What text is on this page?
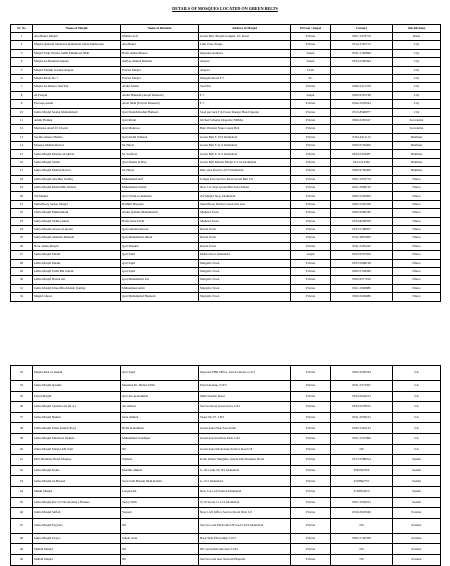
DETAILS OF MOSQUES LOCATED ON GREEN BELTS
Sr. No	Name of Masjid	Name of Khateeb	Address of Masjid	Private / Auqaf	Contact	Sub-Division
1	Abu Bakar Masjid	Mohsin Arif	Green Belt, Masjid Gangial, I/C Kotal	Private	0301-5453776	Rural
2	Masjid Qadeem Madrassa Rehmania Jamia Mamoonia	Abu Bakar	Link Virsa Jungle	Private	0312-3181772	City
3	Masjid Faqir Darbar Sakhi Mahmood Shah	Hafiz Abdul Mueed	Opposite Aabpara	Auqaf	0331-5162840	City
4	Masjid Al-Shouhda Abpara	Ashfaq Ahmed Rehmat	Abpara	Auqaf	0334-5284394	City
5	Masjid Yasmin Garden Abpara	Private Masjid	Abpara	CDA		City
6	Masjid Rawk No 7	Private Masjid	Margalla Road F-7	FC		City
7	Masjid Al-Khaeer Saaf Pur	Abdul Salam	Saaf Pur	Private	0300-5311578	City
8	Al-Furqan	Abdul Hakeem (Auqaf Khateeb)	F-7	Auqaf	0300-9191748	City
9	Farooqe-Azam	Afzal Shah (Private Khateeb)	F-7	Private	0342-5518524	City
10	Jamia Masjid Sadaat Muhammadi	Qari Sheikh Rashid Hameed	Saad pur turn F-6/2 near Ranger Head Quarter	Private	0315-8566877	City
11	Ammr Hamza	Qari Imran	Orchad Scheme Opposite NDMA	Private	0300-5265527	Secretariat
12	Madrassa Assaf Ul Uloom	Qari Manzoor	Bent Western Naka Green Belt	Private		Secretariat
13	Syedna Ameer Hamza	Qari Abdul Waheed	Green Belt F-10/3 Islamabad	Private	0334-4411113	Shalimar
14	Mosque Mohria Rawva	M. Hayat	Green Belt F-11/4 Islamabad	Private	0300-9736406	Shalimar
15	Jamia Masjid Khatija tul Qubra	M. Sarfaraz	Green Belt F-11/3 Islamabad	Private	0334-5436487	Shalimar
16	Jamia Masjid Salma	Qari Shams ul Haq	Green Belt Mutual Marga E-11/4 Islamabad	Private	034-4113302	Shalimar
17	Jamia Masjid Mohria Rawva	M. Hayat	Ibne sena Road G-10/3 Islamabad	Private	0300-9736406	Shalimar
18	Jamia Masjid Abu-Bkr Saddiq	Muhammad Arif	Gangal East Service Road Green Belt I-8	Private	0301-5453776	Nilore
19	Jamia Masjid Khalid Bin Waleed	Muhammad Zubair	Near 111 Stop Green Belt Area Sehala	Private	0321-5800132	Nilore
20	Zia Masjid	Qari Ubaid-ur-Rehman	Zia Masjid Stop, Islamabad	Private	0300-5293992	Nilore
21	Sunn Booty Sarkar Masjid	Hashim Haqqani	Sunn Booty Darbar Green belt area	Private	0300-5281328	Nilore
22	Jamia Masjid Muhammadi	Abdul Qaddus Muhammadi	Shahzad Town	Private	0300-9560780	Nilore
23	Jamia Masjid Saddiq Akbar	Hafiz Sana-Ullah	Shahzad Town	Private	0334-8284358	Nilore
24	Jamia Masjid Anwar-ul-Quran	Qari Ghulam Rasool	Rawal Town	Private	0333-5108607	Nilore
25	Jamia Masjid Abubakr Raheem	Qari Muhammad Imran	Rawal Town	Private	0311-6832206	Nilore
26	Noor Jamia Masjid	Qari Shaukat	Rawal Town	Private	0341-5281242	Nilore
27	Jamia Masjid Madni	Qari Sajid	Mohra Noor Islamabad	Auqaf	0333-9767956	Nilore
28	Jamia Masjid Madni	Qari Sajid	Margalla Town	Private	0333-5908138	Nilore
29	Jamia Masjid Talha Bin Zubair	Qari Sajid	Margalla Town	Private	0300-5158586	Nilore
30	Jamia Masjid Hazrat Ali	Qari Muhammad Zia	Margalla Town	Private	0300-6577910	Nilore
31	Jamia Masjid Umer-Bin-Khatab (Jamia)	Muhammad Amir	Margalla Town	Private	0321-5090880	Nilore
32	Masjid Ghous	Qari Muhammad Husnain	Margalla Town	Private	0300-5049986	Nilore
33	Masjid Rasi ul Jannah	Qari Sajid	Opposite FBR Office, Service Road, G-9/1	Private	0300-3283764	I/A
34	Jamia Masjid Qasmia	Maulana Dr. Imdad Ullah	Faisal Avenue, F-8/3	Private	0331-5573397	I/A
35	Faisal Masjid	Qari Zia-ur-Rehman	Main Double Road	Private	0334-5044101	I/A
36	Jamia Masjid Syedena Ali (R.A)	Ali Abbasi	Service Road Green Area, I-8/1	Private	0334-5278012	I/A
37	Jamia Masjid Hamza	Sana Ahmed	Street No.57, I-8/3	Private	0321-5050101	I/A
38	Jamia Masjid Umar Ghani (R.A)	Hafiz ul Rehman	Green Area Near Zero Point	Private	0345-5342141	I/A
39	Jamia Masjid Madrassa Islamia	Muhammad Saddique	Green Area Kachnar Park, I-8/1	Private	0321-5227996	I/A
40	Zahra Masjid Masjid Alif Sam	Nil	Green Area 9th Avenue Service Road I-8	Private	Nil	I/A
41	PKS Shrunnar Hotel Mosque	Waheed	Kattu Paharr Margalla, beside Pak Shrunnar Hotel	Private	0313-5580914	Saddar
42	Jamia Masjid Noma	Muzmil Ahmed	G-10/1 Gali-No 8/2 Islamabad	Private	3005592526	Saddar
43	Jamia Masjid Al-Hassan	Syed Jalal Hassan Shah Kazmi	G-12/1 Islamabad	Private	3418692751	Saddar
44	Makki Masjid	Liaquat Ali	Near Cat Cell Station Islamabad	Private	3128054475	Saddar
45	Jamia Masjid Dar Ul Uloom Ahel e Hadees	Tariq Ullah	St 16 Sector G-11/2 Islamabad	Private	0301-5030221	Saddar
46	Jamia Masjid Suffah	Yaqoob	Near 1122 Office Service Road West I-9	Private	0336-5645346	Potohar
47	Jamia Masjid Tayyaba	Nil	Service road Pindi side IJP road I-10/4 Islamabad	Private	Nil	Potohar
48	Jamia Masjid Taqwa	Zubair Aziz	Back Side PSO pump I-10/1	Private	0300-5130338	Potohar
49	Mullah Masjid	Nil	IJP road pindi side near I-10/1	Private	Nil	Potohar
50	Mullah Masjid	Nil	Service road near Nescom Hospital	Private	Nil	Potohar
